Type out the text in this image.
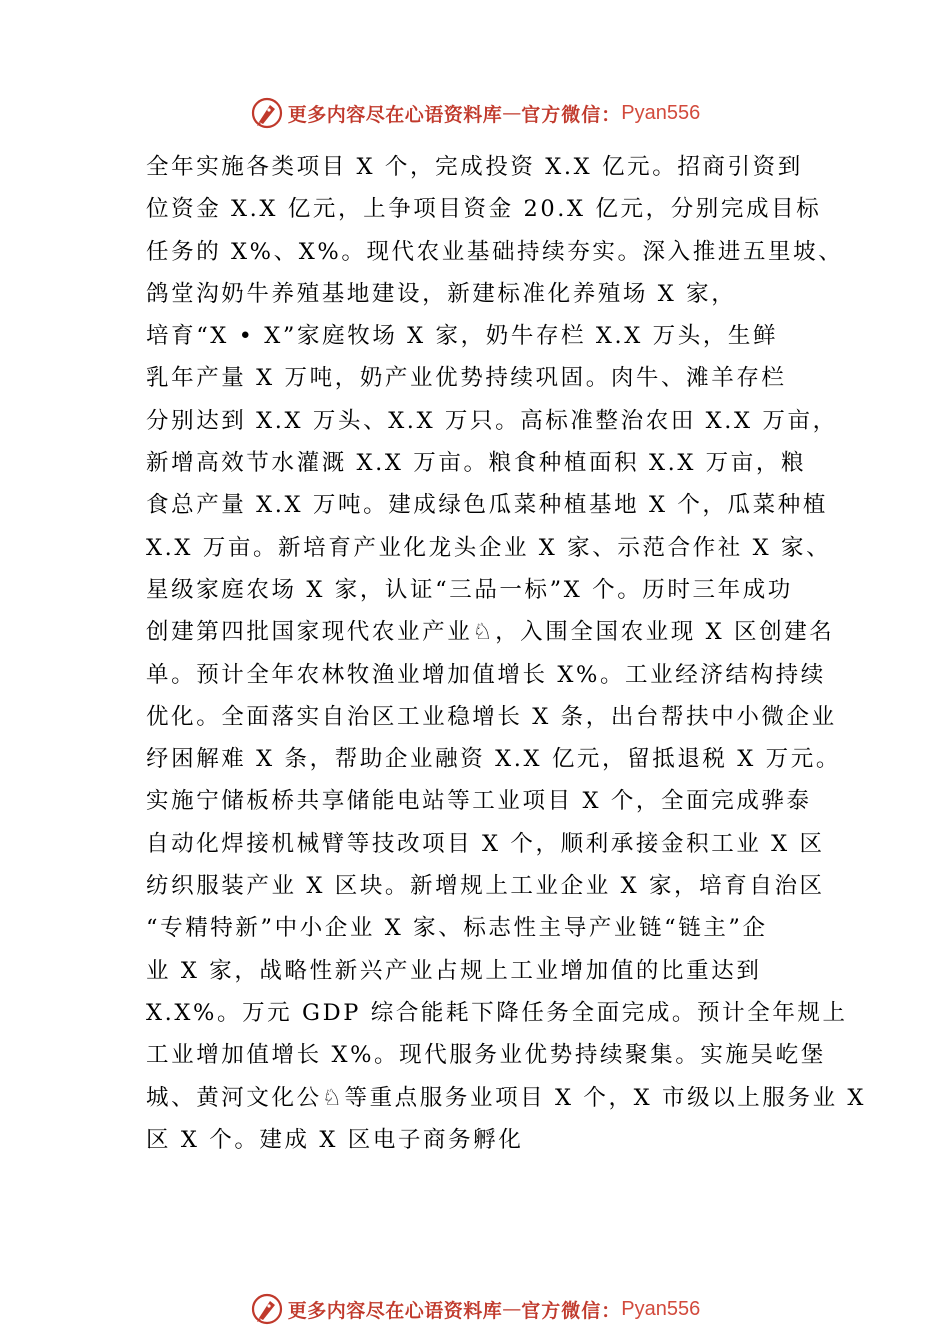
更多内容尽在心语资料库 — 官方微信： Pyan556
全年实施各类项目 X 个，完成投资 X.X 亿元。招商引资到
位资金 X.X 亿元，上争项目资金 20.X 亿元，分别完成目标
任务的 X%、X%。现代农业基础持续夯实。深入推进五里坡、
鸽堂沟奶牛养殖基地建设，新建标准化养殖场 X 家，
培育“X • X”家庭牧场 X 家，奶牛存栏 X.X 万头，生鲜
乳年产量 X 万吨，奶产业优势持续巩固。肉牛、滩羊存栏
分别达到 X.X 万头、X.X 万只。高标准整治农田 X.X 万亩，
新增高效节水灌溉 X.X 万亩。粮食种植面积 X.X 万亩，粮
食总产量 X.X 万吨。建成绿色瓜菜种植基地 X 个，瓜菜种植
X.X 万亩。新培育产业化龙头企业 X 家、示范合作社 X 家、
星级家庭农场 X 家，认证“三品一标”X 个。历时三年成功
创建第四批国家现代农业产业♘，入围全国农业现 X 区创建名
单。预计全年农林牧渔业增加值增长 X%。工业经济结构持续
优化。全面落实自治区工业稳增长 X 条，出台帮扶中小微企业
纾困解难 X 条，帮助企业融资 X.X 亿元，留抵退税 X 万元。
实施宁储板桥共享储能电站等工业项目 X 个，全面完成骅泰
自动化焊接机械臂等技改项目 X 个，顺利承接金积工业 X 区
纺织服装产业 X 区块。新增规上工业企业 X 家，培育自治区
“专精特新”中小企业 X 家、标志性主导产业链“链主”企
业 X 家，战略性新兴产业占规上工业增加值的比重达到
X.X%。万元 GDP 综合能耗下降任务全面完成。预计全年规上
工业增加值增长 X%。现代服务业优势持续聚集。实施吴屹堡
城、黄河文化公♘等重点服务业项目 X 个，X 市级以上服务业 X
区 X 个。建成 X 区电子商务孵化
更多内容尽在心语资料库 — 官方微信： Pyan556
